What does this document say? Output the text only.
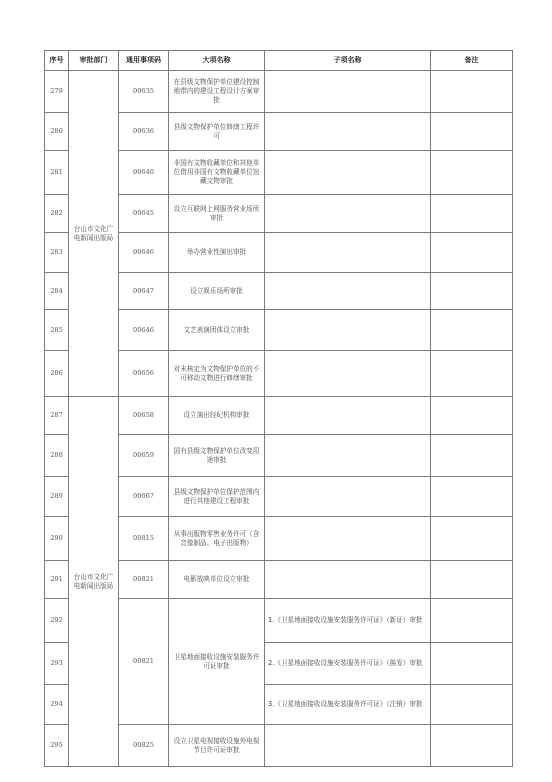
序号	审批部门	通用事项码	大项名称	子项名称	备注
279	台山市文化广电新闻出版局	00635	在县级文物保护单位建设控制地带内的建设工程设计方案审批		
280		00636	县级文物保护单位修缮工程许可		
281		00640	非国有文物收藏单位和其他单位借用非国有文物收藏单位馆藏文物审批		
282		00645	设立互联网上网服务营业场所审批		
283		00646	举办营业性演出审批		
284		00647	设立娱乐场所审批		
285		00646	文艺表演团体设立审批		
286		00656	对未核定为文物保护单位的不可移动文物进行修缮审批		
287	台山市文化广电新闻出版局	00658	设立演出经纪机构审批		
288		00659	国有县级文物保护单位改变用途审批		
289		00667	县级文物保护单位保护范围内进行其他建设工程审批		
290		00815	从事出版物零售业务许可（含音像制品、电子出版物）		
291		00821	电影放映单位设立审批		
292		00821	卫星地面接收设施安装服务许可证审批	1.《卫星地面接收设施安装服务许可证》（新证）审批	
293				2.《卫星地面接收设施安装服务许可证》（换发）审批	
294				3.《卫星地面接收设施安装服务许可证》（注销）审批	
295		00825	设立卫星电视接收设施外电视节目许可证审批		
